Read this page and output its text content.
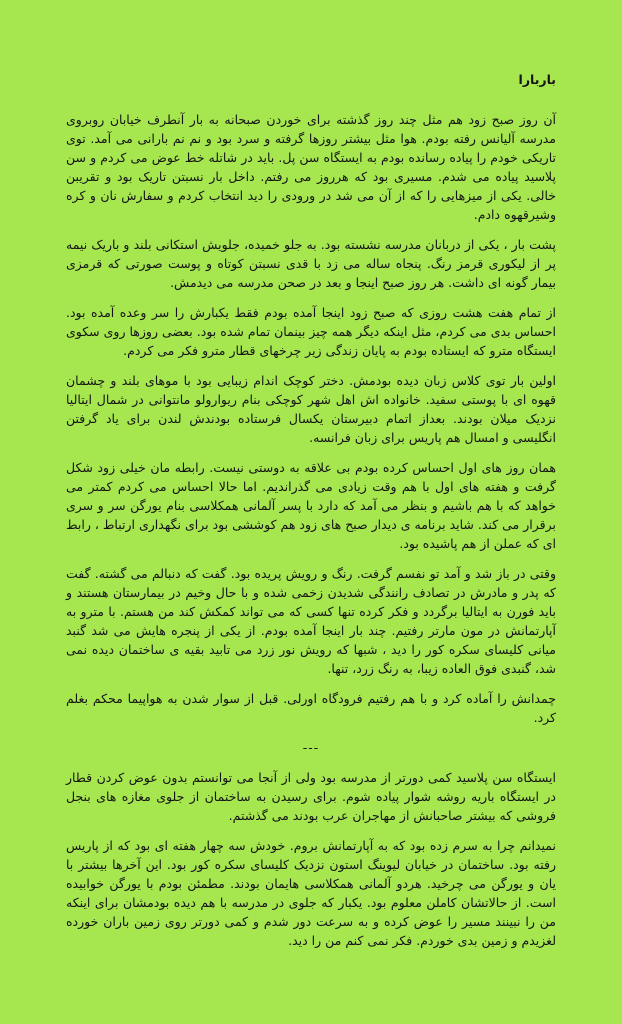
باربارا

آن روز صبح زود هم مثل چند روز گذشته برای خوردن صبحانه به بار آنطرف خیابان روبروی مدرسه آلیانس رفته بودم. هوا مثل بیشتر روزها گرفته و سرد بود و نم نم بارانی می آمد. توی تاریکی خودم را پیاده رسانده بودم به ایستگاه سن پل. باید در شاتله خط عوض می کردم و سن پلاسید پیاده می شدم. مسیری بود که هرروز می رفتم. داخل بار نسبتن تاریک بود و تقریبن خالی. یکی از میزهایی را که از آن می شد در ورودی را دید انتخاب کردم و سفارش نان و کره وشیرقهوه دادم.

پشت بار ، یکی از دربانان مدرسه نشسته بود. به جلو خمیده، جلویش استکانی بلند و باریک نیمه پر از لیکوری قرمز رنگ. پنجاه ساله می زد با قدی نسبتن کوتاه و پوست صورتی که قرمزی بیمار گونه ای داشت. هر روز صبح اینجا و بعد در صحن مدرسه می دیدمش.

از تمام هفت هشت روزی که صبح زود اینجا آمده بودم فقط یکبارش را سر وعده آمده بود. احساس بدی می کردم، مثل اینکه دیگر همه چیز بینمان تمام شده بود. بعضی روزها روی سکوی ایستگاه مترو که ایستاده بودم به پایان زندگی زیر چرخهای قطار مترو فکر می کردم.

اولین بار توی کلاس زبان دیده بودمش. دختر کوچک اندام زیبایی بود با موهای بلند و چشمان قهوه ای با پوستی سفید. خانواده اش اهل شهر کوچکی بنام ریوارولو مانتوانی در شمال ایتالیا نزدیک میلان بودند. بعداز اتمام دبیرستان یکسال فرستاده بودندش لندن برای یاد گرفتن انگلیسی و امسال هم پاریس برای زبان فرانسه.

همان روز های اول احساس کرده بودم بی علاقه به دوستی نیست. رابطه مان خیلی زود شکل گرفت و هفته های اول با هم وقت زیادی می گذراندیم. اما حالا احساس می کردم کمتر می خواهد که با هم باشیم و بنظر می آمد که دارد با پسر آلمانی همکلاسی بنام یورگن سر و سری برقرار می کند. شاید برنامه ی دیدار صبح های زود هم کوششی بود برای نگهداری ارتباط ، رابط ای که عملن از هم پاشیده بود.

وقتی در باز شد و آمد تو نفسم گرفت. رنگ و رویش پریده بود. گفت که دنبالم می گشته. گفت که پدر و مادرش در تصادف رانندگی شدیدن زخمی شده و با حال وخیم در بیمارستان هستند و باید فورن به ایتالیا برگردد و فکر کرده تنها کسی که می تواند کمکش کند من هستم. با مترو به آپارتمانش در مون مارتر رفتیم. چند بار اینجا آمده بودم. از یکی از پنجره هایش می شد گنبد میانی کلیسای سکره کور را دید ، شبها که رویش نور زرد می تابید بقیه ی ساختمان دیده نمی شد، گنبدی فوق العاده زیبا، به رنگ زرد، تنها.

چمدانش را آماده کرد و با هم رفتیم فرودگاه اورلی. قبل از سوار شدن به هواپیما محکم بغلم کرد.

---

ایستگاه سن پلاسید کمی دورتر از مدرسه بود ولی از آنجا می توانستم بدون عوض کردن قطار در ایستگاه باریه روشه شوار پیاده شوم. برای رسیدن به ساختمان از جلوی مغازه های بنجل فروشی که بیشتر صاحبانش از مهاجران عرب بودند می گذشتم.

نمیدانم چرا به سرم زده بود که به آپارتمانش بروم. خودش سه چهار هفته ای بود که از پاریس رفته بود. ساختمان در خیابان لیوینگ استون نزدیک کلیسای سکره کور بود. این آخرها بیشتر با یان و یورگن می چرخید. هردو آلمانی همکلاسی هایمان بودند. مطمئن بودم با یورگن خوابیده است. از حالاتشان کاملن معلوم بود. یکبار که جلوی در مدرسه با هم دیده بودمشان برای اینکه من را نبینند مسیر را عوض کرده و به سرعت دور شدم و کمی دورتر روی زمین باران خورده لغزیدم و زمین بدی خوردم. فکر نمی کنم من را دید.
